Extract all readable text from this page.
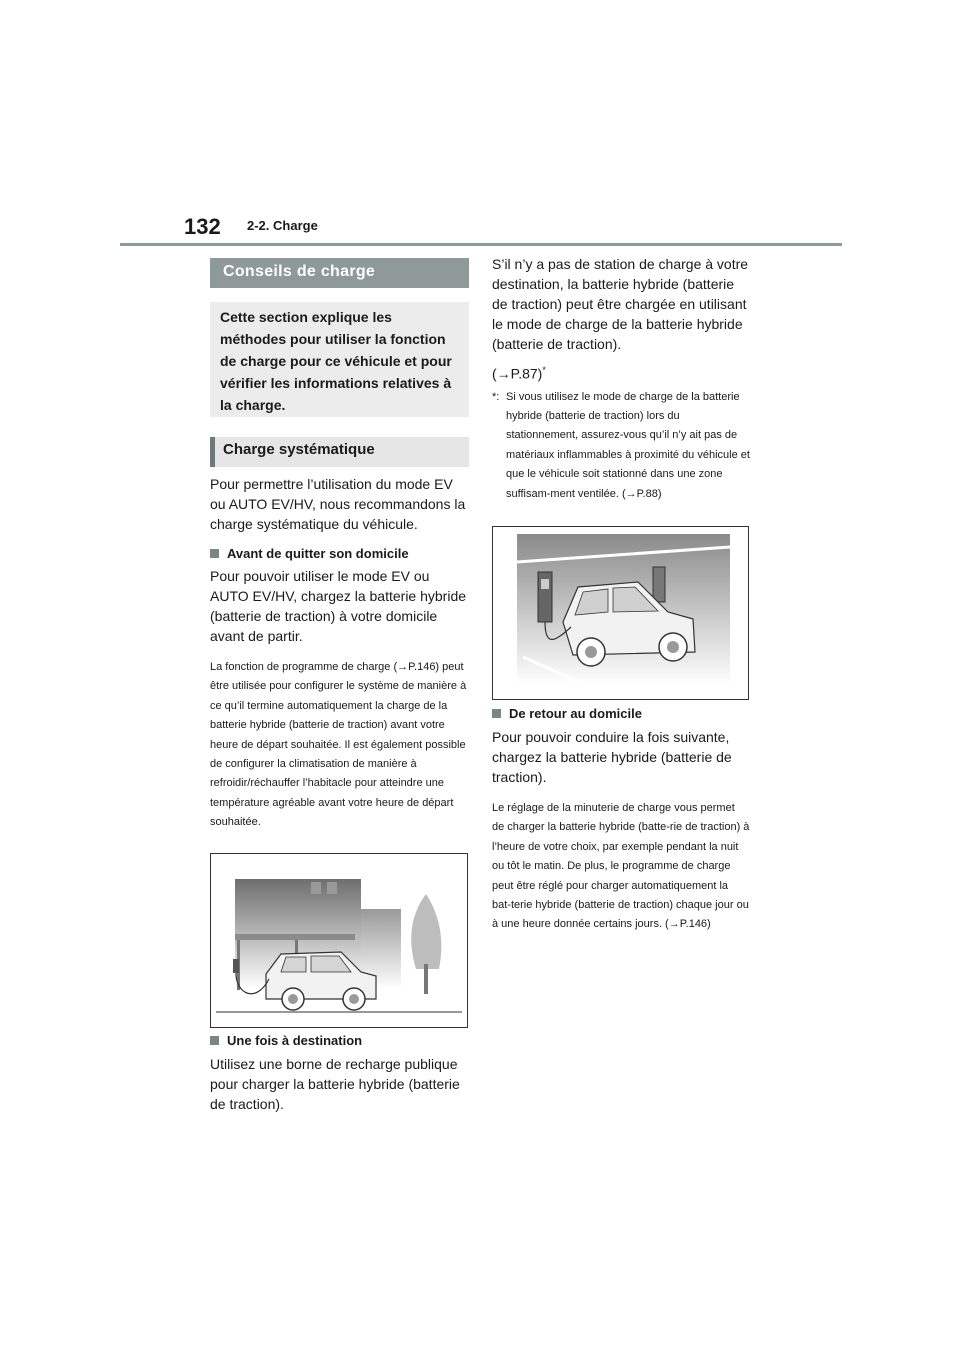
132 2-2. Charge
Conseils de charge
Cette section explique les méthodes pour utiliser la fonction de charge pour ce véhicule et pour vérifier les informations relatives à la charge.
Charge systématique

Pour permettre l’utilisation du mode EV ou AUTO EV/HV, nous recommandons la charge systématique du véhicule.

Avant de quitter son domicile

Pour pouvoir utiliser le mode EV ou AUTO EV/HV, chargez la batterie hybride (batterie de traction) à votre domicile avant de partir.

La fonction de programme de charge (→P.146) peut être utilisée pour configurer le système de manière à ce qu’il termine automatiquement la charge de la batterie hybride (batterie de traction) avant votre heure de départ souhaitée. Il est également possible de configurer la climatisation de manière à refroidir/réchauffer l’habitacle pour atteindre une température agréable avant votre heure de départ souhaitée.

Une fois à destination

Utilisez une borne de recharge publique pour charger la batterie hybride (batterie de traction).

S’il n’y a pas de station de charge à votre destination, la batterie hybride (batterie de traction) peut être chargée en utilisant le mode de charge de la batterie hybride (batterie de traction).

(→P.87)*

*: Si vous utilisez le mode de charge de la batterie hybride (batterie de traction) lors du stationnement, assurez-vous qu’il n’y ait pas de matériaux inflammables à proximité du véhicule et que le véhicule soit stationné dans une zone suffisam-ment ventilée. (→P.88)

De retour au domicile

Pour pouvoir conduire la fois suivante, chargez la batterie hybride (batterie de traction).

Le réglage de la minuterie de charge vous permet de charger la batterie hybride (batte-rie de traction) à l’heure de votre choix, par exemple pendant la nuit ou tôt le matin. De plus, le programme de charge peut être réglé pour charger automatiquement la bat-terie hybride (batterie de traction) chaque jour ou à une heure donnée certains jours. (→P.146)
